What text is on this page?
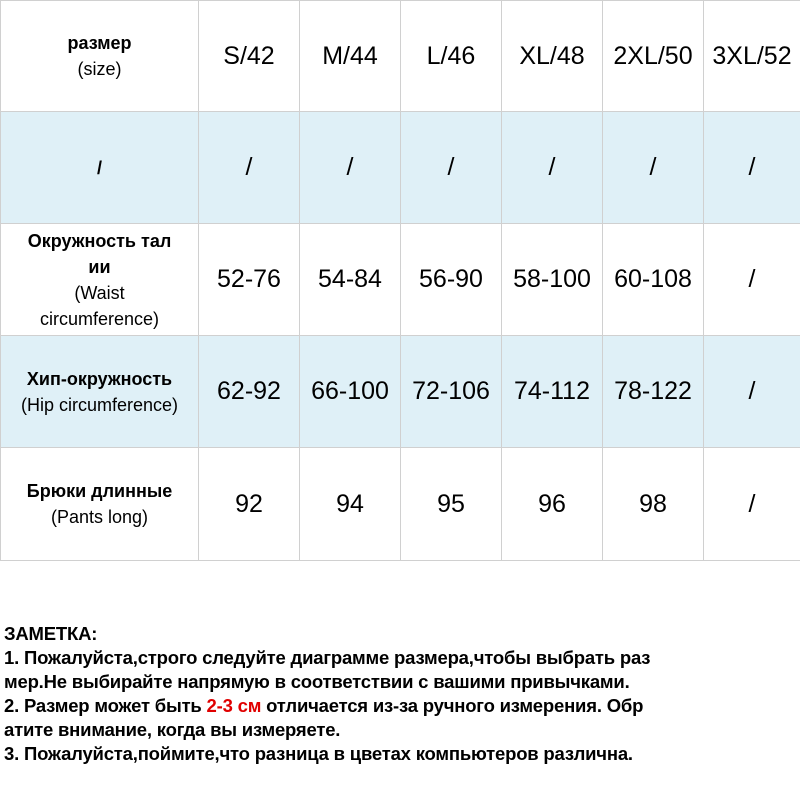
размер
(size)	S/42	M/44	L/46	XL/48	2XL/50	3XL/52

/	/	/	/	/	/	/

Окружность тал
ии
(Waist
circumference)	52-76	54-84	56-90	58-100	60-108	/

Хип-окружность
(Hip circumference)	62-92	66-100	72-106	74-112	78-122	/

Брюки длинные
(Pants long)	92	94	95	96	98	/
ЗАМЕТКА:
1. Пожалуйста,строго следуйте диаграмме размера,чтобы выбрать раз
мер.Не выбирайте напрямую в соответствии с вашими привычками.
2. Размер может быть 2-3 см отличается из-за ручного измерения. Обр
атите внимание, когда вы измеряете.
3. Пожалуйста,поймите,что разница в цветах компьютеров различна.
